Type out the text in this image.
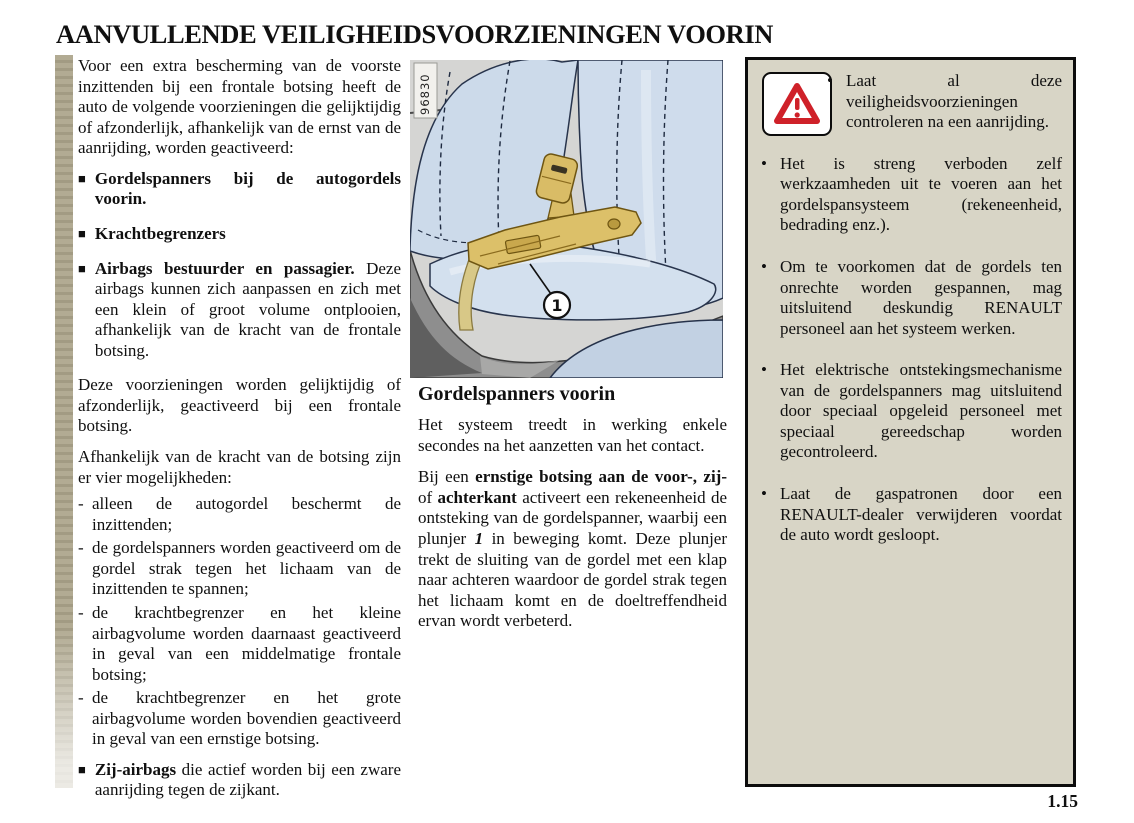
AANVULLENDE VEILIGHEIDSVOORZIENINGEN VOORIN

Voor een extra bescherming van de voorste inzittenden bij een frontale botsing heeft de auto de volgende voorzieningen die gelijktijdig of afzonderlijk, afhankelijk van de ernst van de aanrijding, worden geactiveerd:

■ Gordelspanners bij de autogordels voorin.
■ Krachtbegrenzers
■ Airbags bestuurder en passagier. Deze airbags kunnen zich aanpassen en zich met een klein of groot volume ontplooien, afhankelijk van de kracht van de frontale botsing.

Deze voorzieningen worden gelijktijdig of afzonderlijk, geactiveerd bij een frontale botsing.

Afhankelijk van de kracht van de botsing zijn er vier mogelijkheden:

- alleen de autogordel beschermt de inzittenden;
- de gordelspanners worden geactiveerd om de gordel strak tegen het lichaam van de inzittenden te spannen;
- de krachtbegrenzer en het kleine airbagvolume worden daarnaast geactiveerd in geval van een middelmatige frontale botsing;
- de krachtbegrenzer en het grote airbagvolume worden bovendien geactiveerd in geval van een ernstige botsing.
■ Zij-airbags die actief worden bij een zware aanrijding tegen de zijkant.
1
96830
Gordelspanners voorin

Het systeem treedt in werking enkele secondes na het aanzetten van het contact.

Bij een ernstige botsing aan de voor-, zij- of achterkant activeert een rekeneenheid de ontsteking van de gordelspanner, waarbij een plunjer 1 in beweging komt. Deze plunjer trekt de sluiting van de gordel met een klap naar achteren waardoor de gordel strak tegen het lichaam komt en de doeltreffendheid ervan wordt verbeterd.

• Laat al deze veiligheidsvoorzieningen controleren na een aanrijding.
• Het is streng verboden zelf werkzaamheden uit te voeren aan het gordelspansysteem (rekeneenheid, bedrading enz.).
• Om te voorkomen dat de gordels ten onrechte worden gespannen, mag uitsluitend deskundig RENAULT personeel aan het systeem werken.
• Het elektrische ontstekingsmechanisme van de gordelspanners mag uitsluitend door speciaal opgeleid personeel met speciaal gereedschap worden gecontroleerd.
• Laat de gaspatronen door een RENAULT-dealer verwijderen voordat de auto wordt gesloopt.
1.15
